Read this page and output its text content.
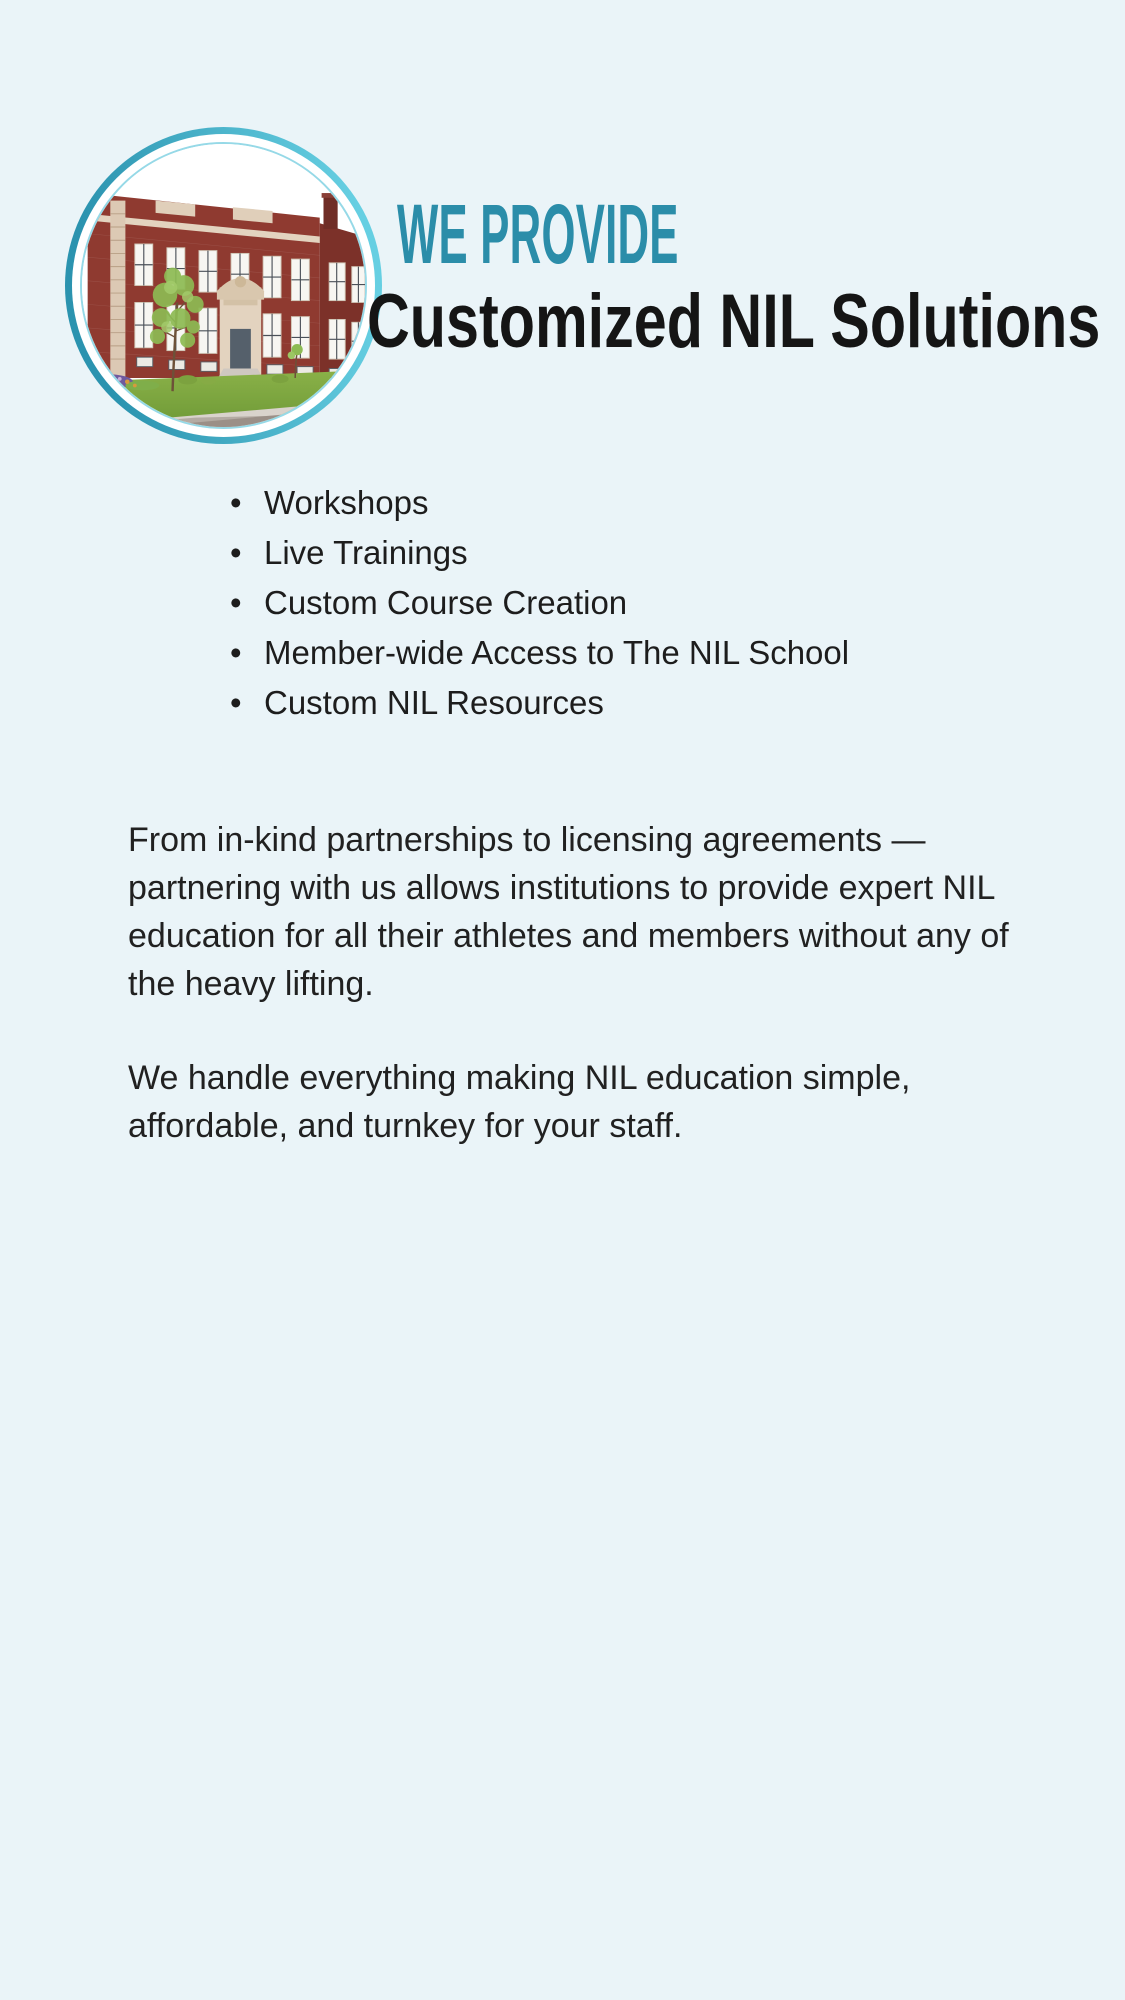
WE PROVIDE
Customized NIL Solutions
• Workshops
• Live Trainings
• Custom Course Creation
• Member-wide Access to The NIL School
• Custom NIL Resources

From in-kind partnerships to licensing agreements — partnering with us allows institutions to provide expert NIL education for all their athletes and members without any of the heavy lifting.

We handle everything making NIL education simple, affordable, and turnkey for your staff.
